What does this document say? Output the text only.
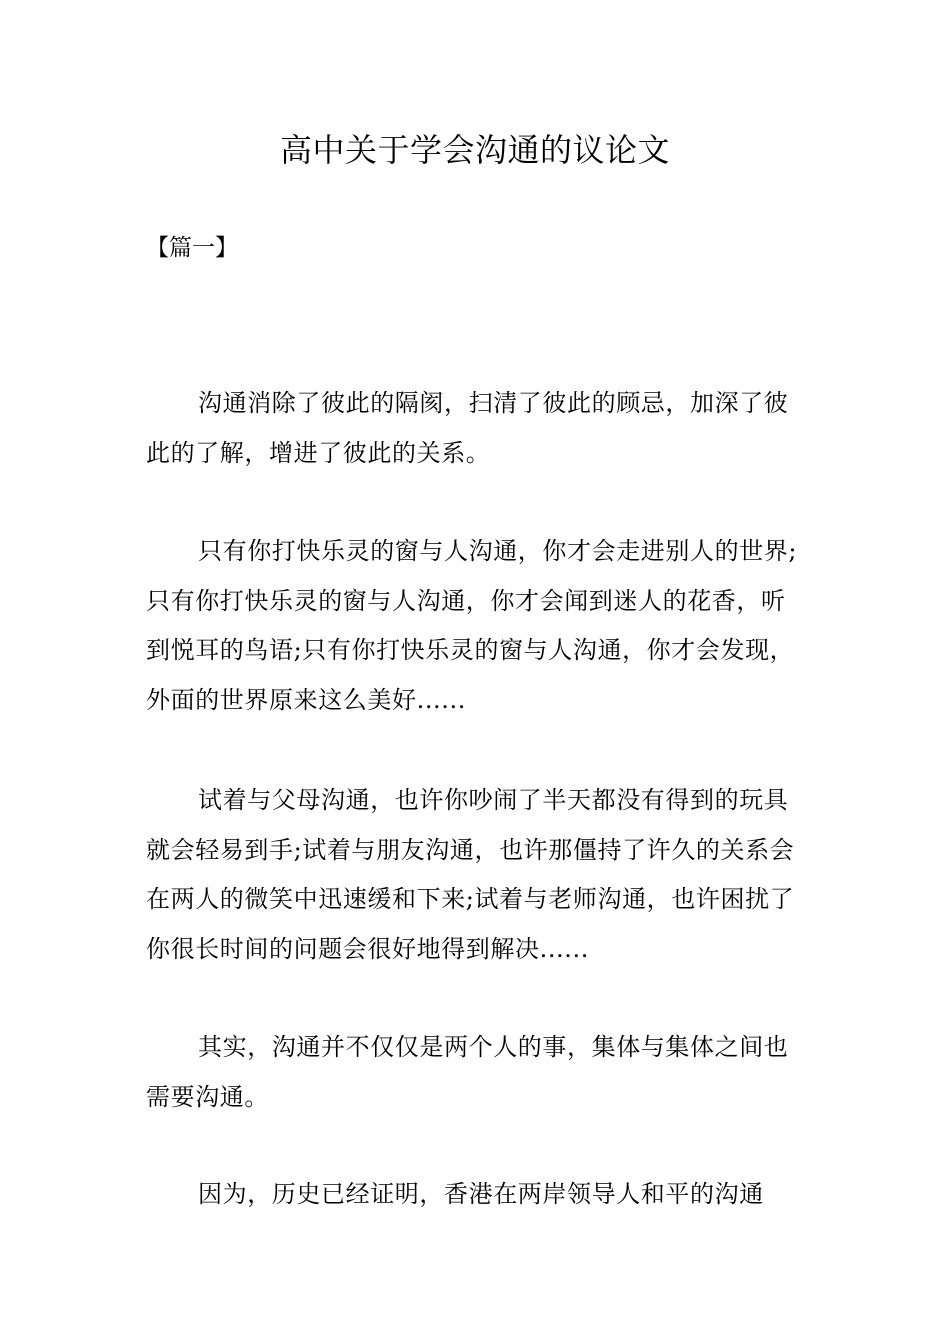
高中关于学会沟通的议论文
【篇一】

沟通消除了彼此的隔阂，扫清了彼此的顾忌，加深了彼此的了解，增进了彼此的关系。

只有你打快乐灵的窗与人沟通，你才会走进别人的世界;只有你打快乐灵的窗与人沟通，你才会闻到迷人的花香，听到悦耳的鸟语;只有你打快乐灵的窗与人沟通，你才会发现，外面的世界原来这么美好......

试着与父母沟通，也许你吵闹了半天都没有得到的玩具就会轻易到手;试着与朋友沟通，也许那僵持了许久的关系会在两人的微笑中迅速缓和下来;试着与老师沟通，也许困扰了你很长时间的问题会很好地得到解决......

其实，沟通并不仅仅是两个人的事，集体与集体之间也需要沟通。

因为，历史已经证明，香港在两岸领导人和平的沟通
